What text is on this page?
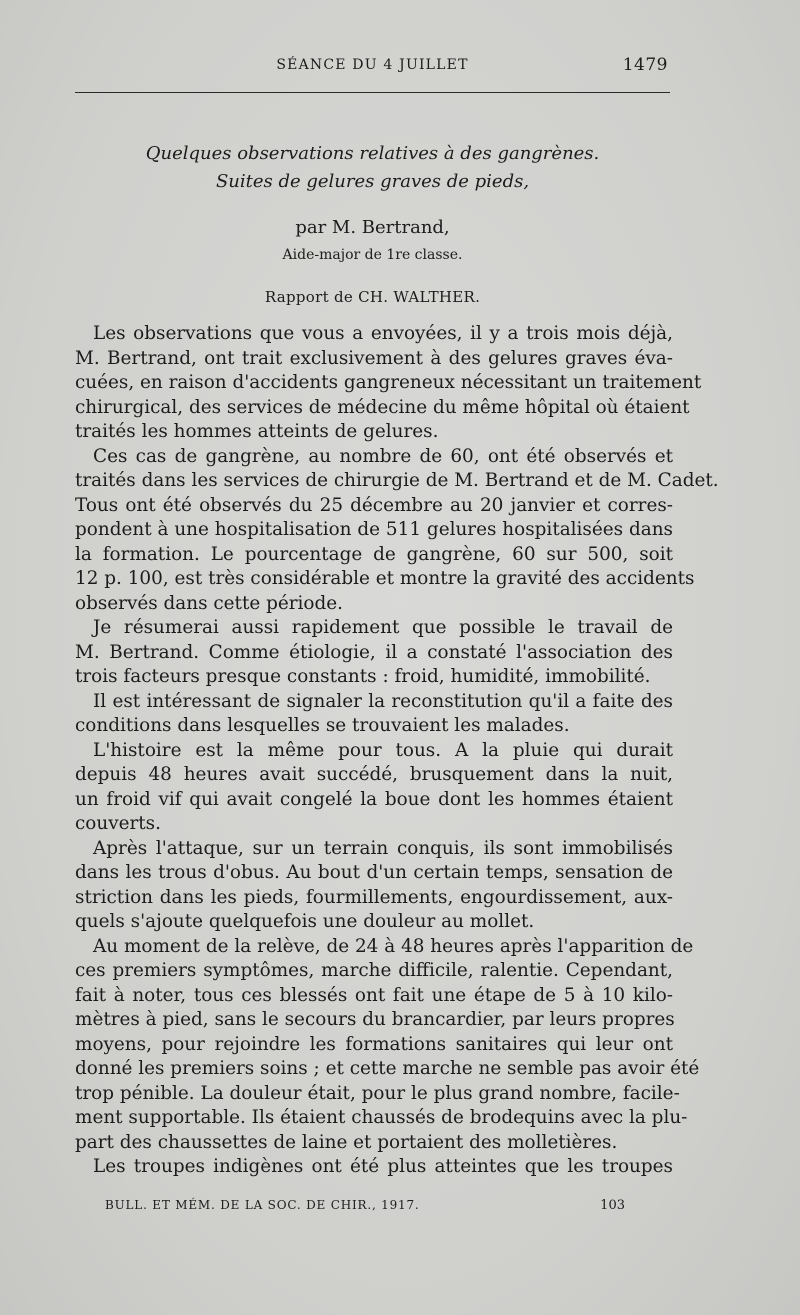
SÉANCE DU 4 JUILLET	1479
Quelques observations relatives à des gangrènes.
Suites de gelures graves de pieds,
par M. Bertrand,
Aide-major de 1re classe.
Rapport de CH. WALTHER.
Les observations que vous a envoyées, il y a trois mois déjà,
M. Bertrand, ont trait exclusivement à des gelures graves éva-
cuées, en raison d'accidents gangreneux nécessitant un traitement
chirurgical, des services de médecine du même hôpital où étaient
traités les hommes atteints de gelures.
Ces cas de gangrène, au nombre de 60, ont été observés et
traités dans les services de chirurgie de M. Bertrand et de M. Cadet.
Tous ont été observés du 25 décembre au 20 janvier et corres-
pondent à une hospitalisation de 511 gelures hospitalisées dans
la formation. Le pourcentage de gangrène, 60 sur 500, soit
12 p. 100, est très considérable et montre la gravité des accidents
observés dans cette période.
Je résumerai aussi rapidement que possible le travail de
M. Bertrand. Comme étiologie, il a constaté l'association des
trois facteurs presque constants : froid, humidité, immobilité.
Il est intéressant de signaler la reconstitution qu'il a faite des
conditions dans lesquelles se trouvaient les malades.
L'histoire est la même pour tous. A la pluie qui durait
depuis 48 heures avait succédé, brusquement dans la nuit,
un froid vif qui avait congelé la boue dont les hommes étaient
couverts.
Après l'attaque, sur un terrain conquis, ils sont immobilisés
dans les trous d'obus. Au bout d'un certain temps, sensation de
striction dans les pieds, fourmillements, engourdissement, aux-
quels s'ajoute quelquefois une douleur au mollet.
Au moment de la relève, de 24 à 48 heures après l'apparition de
ces premiers symptômes, marche difficile, ralentie. Cependant,
fait à noter, tous ces blessés ont fait une étape de 5 à 10 kilo-
mètres à pied, sans le secours du brancardier, par leurs propres
moyens, pour rejoindre les formations sanitaires qui leur ont
donné les premiers soins ; et cette marche ne semble pas avoir été
trop pénible. La douleur était, pour le plus grand nombre, facile-
ment supportable. Ils étaient chaussés de brodequins avec la plu-
part des chaussettes de laine et portaient des molletières.
Les troupes indigènes ont été plus atteintes que les troupes
BULL. ET MÉM. DE LA SOC. DE CHIR., 1917.	103
